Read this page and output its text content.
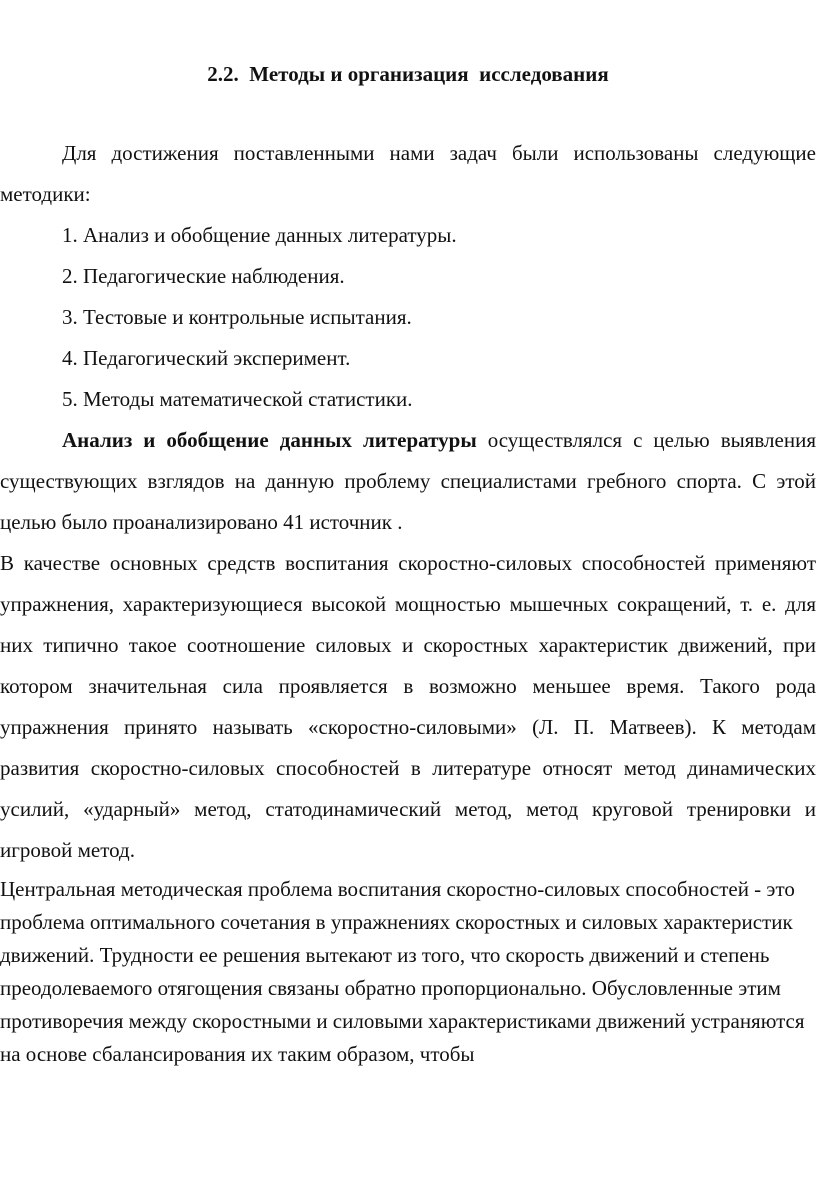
2.2. Методы и организация  исследования

Для достижения поставленными нами задач были использованы следующие методики:

1. Анализ и обобщение данных литературы.

2. Педагогические наблюдения.

3. Тестовые и контрольные испытания.

4. Педагогический эксперимент.

5. Методы математической статистики.

Анализ и обобщение данных литературы осуществлялся с целью выявления существующих взглядов на данную проблему специалистами гребного спорта. С этой целью было проанализировано 41 источник .

В качестве основных средств воспитания скоростно-силовых способностей применяют упражнения, характеризующиеся высокой мощностью мышечных сокращений, т. е. для них типично такое соотношение силовых и скоростных характеристик движений, при котором значительная сила проявляется в возможно меньшее время. Такого рода упражнения принято называть «скоростно-силовыми» (Л. П. Матвеев). К методам развития скоростно-силовых способностей в литературе относят метод динамических усилий, «ударный» метод, статодинамический метод, метод круговой тренировки и игровой метод.

Центральная методическая проблема воспитания скоростно-силовых способностей - это проблема оптимального сочетания в упражнениях скоростных и силовых характеристик движений. Трудности ее решения вытекают из того, что скорость движений и степень преодолеваемого отягощения связаны обратно пропорционально. Обусловленные этим противоречия между скоростными и силовыми характеристиками движений устраняются на основе сбалансирования их таким образом, чтобы
